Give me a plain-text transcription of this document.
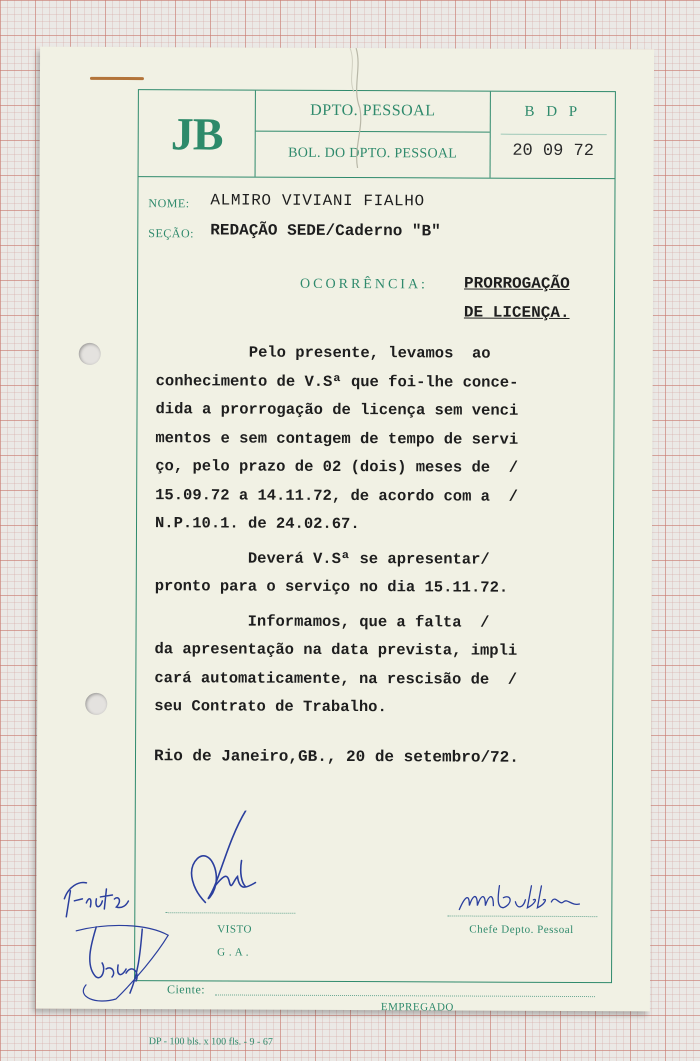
JB	DPTO. PESSOAL
BOL. DO DPTO. PESSOAL
B D P
20 09 72
NOME: ALMIRO VIVIANI FIALHO
SEÇÃO: REDAÇÃO SEDE/Caderno "B"
OCORRÊNCIA: PRORROGAÇÃO
DE LICENÇA.
Pelo presente, levamos  ao
conhecimento de V.Sª que foi-lhe conce-
dida a prorrogação de licença sem venci
mentos e sem contagem de tempo de servi
ço, pelo prazo de 02 (dois) meses de  /
15.09.72 a 14.11.72, de acordo com a  /
N.P.10.1. de 24.02.67.
Deverá V.Sª se apresentar/
pronto para o serviço no dia 15.11.72.
Informamos, que a falta  /
da apresentação na data prevista, impli
cará automaticamente, na rescisão de  /
seu Contrato de Trabalho.
Rio de Janeiro,GB., 20 de setembro/72.
VISTO
G . A .
Chefe Depto. Pessoal
Ciente:
EMPREGADO
DP - 100 bls. x 100 fls. - 9 - 67
